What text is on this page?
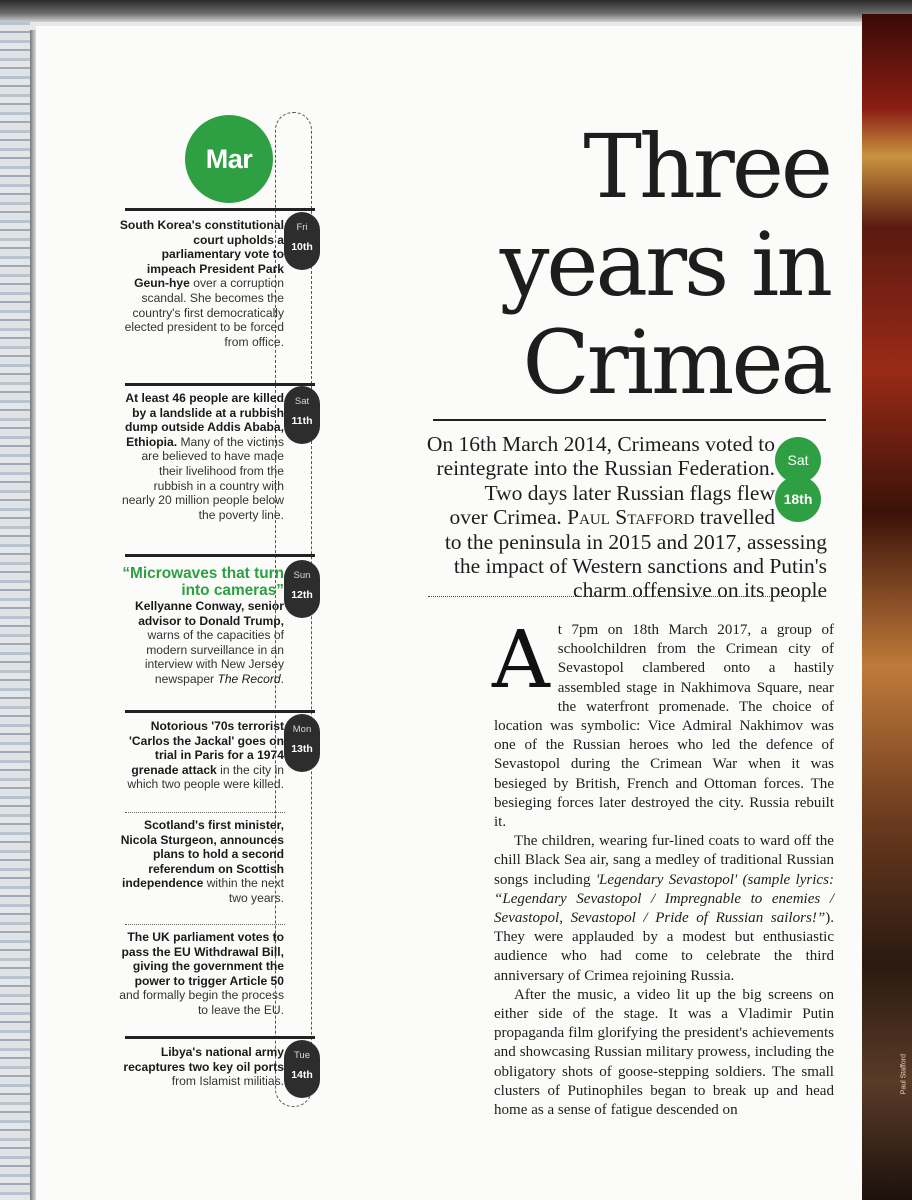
Paul Stafford
Mar
South Korea's constitutional court upholds a parliamentary vote to impeach President Park Geun-hye over a corruption scandal. She becomes the country's first democratically elected president to be forced from office.
Fri
10th
At least 46 people are killed by a landslide at a rubbish dump outside Addis Ababa, Ethiopia. Many of the victims are believed to have made their livelihood from the rubbish in a country with nearly 20 million people below the poverty line.
Sat
11th
“Microwaves that turn into cameras”
Kellyanne Conway, senior advisor to Donald Trump, warns of the capacities of modern surveillance in an interview with New Jersey newspaper The Record.
Sun
12th
Notorious '70s terrorist 'Carlos the Jackal' goes on trial in Paris for a 1974 grenade attack in the city in which two people were killed.
Mon
13th
Scotland's first minister, Nicola Sturgeon, announces plans to hold a second referendum on Scottish independence within the next two years.
The UK parliament votes to pass the EU Withdrawal Bill, giving the government the power to trigger Article 50 and formally begin the process to leave the EU.
Libya's national army recaptures two key oil ports from Islamist militias.
Tue
14th
Three
years in
Crimea
On 16th March 2014, Crimeans voted to
reintegrate into the Russian Federation.
Two days later Russian flags flew
over Crimea. Paul Stafford travelled
to the peninsula in 2015 and 2017, assessing
the impact of Western sanctions and Putin's
charm offensive on its people
Sat
18th

At 7pm on 18th March 2017, a group of schoolchildren from the Crimean city of Sevastopol clambered onto a hastily assembled stage in Nakhimova Square, near the waterfront promenade. The choice of location was symbolic: Vice Admiral Nakhimov was one of the Russian heroes who led the defence of Sevastopol during the Crimean War when it was besieged by British, French and Ottoman forces. The besieging forces later destroyed the city. Russia rebuilt it.

The children, wearing fur-lined coats to ward off the chill Black Sea air, sang a medley of traditional Russian songs including 'Legendary Sevastopol' (sample lyrics: “Legendary Sevastopol / Impregnable to enemies / Sevastopol, Sevastopol / Pride of Russian sailors!”). They were applauded by a modest but enthusiastic audience who had come to celebrate the third anniversary of Crimea rejoining Russia.

After the music, a video lit up the big screens on either side of the stage. It was a Vladimir Putin propaganda film glorifying the president's achievements and showcasing Russian military prowess, including the obligatory shots of goose-stepping soldiers. The small clusters of Putinophiles began to break up and head home as a sense of fatigue descended on
